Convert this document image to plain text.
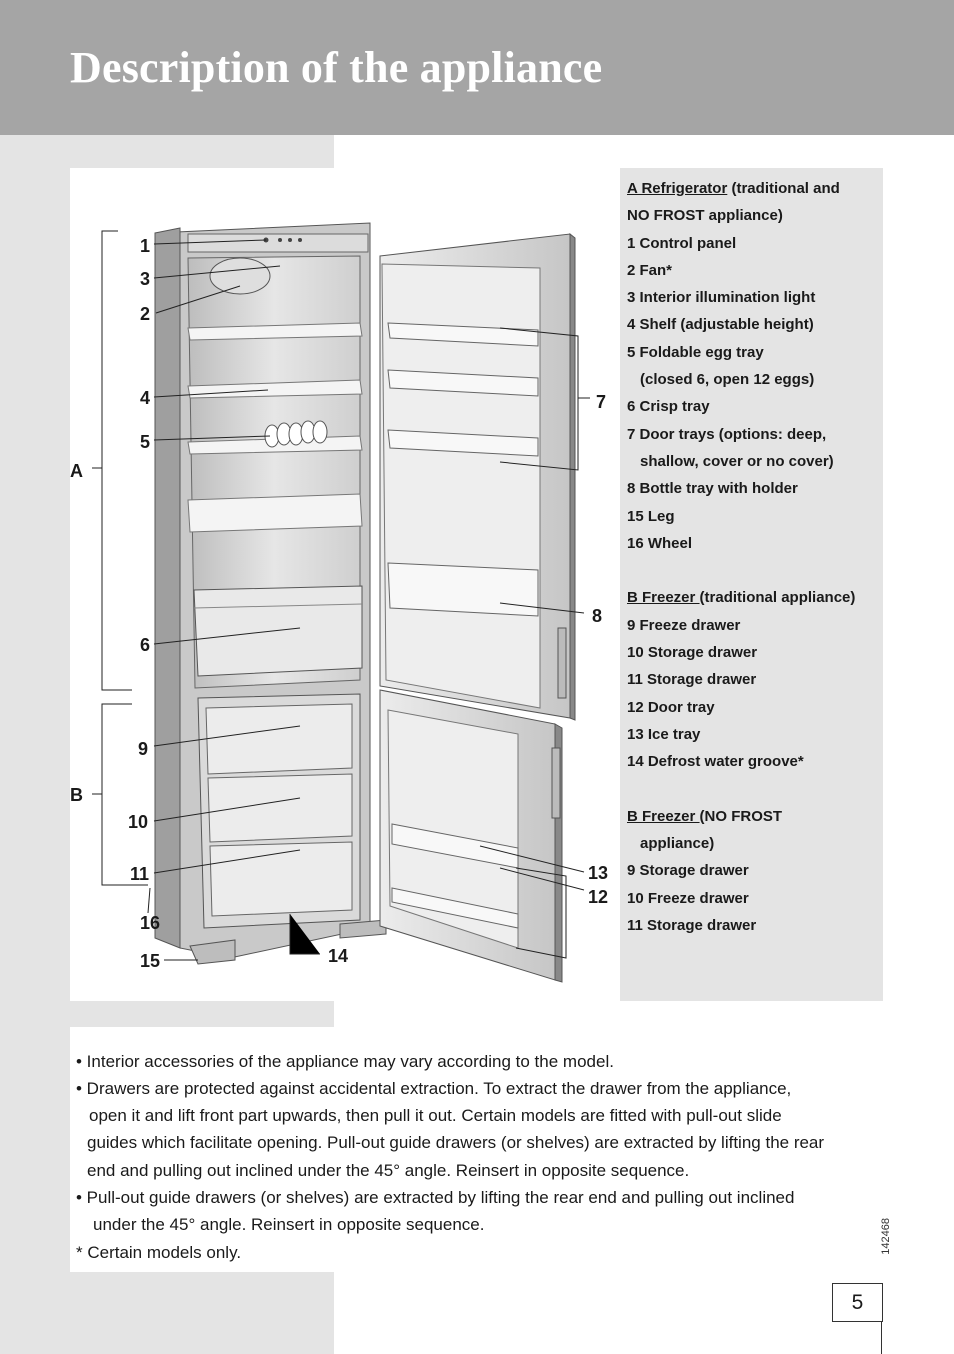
Description of the appliance
A
B
1
3
2
4
5
6
9
10
11
16
15	14
7
8
13
12
A Refrigerator (traditional and
NO FROST appliance)
1 Control panel
2 Fan*
3 Interior illumination light
4 Shelf (adjustable height)
5 Foldable egg tray
(closed 6, open 12 eggs)
6 Crisp tray
7 Door trays (options: deep,
shallow, cover or no cover)
8 Bottle tray with holder
15 Leg
16 Wheel
B Freezer (traditional appliance)
9 Freeze drawer
10 Storage drawer
11 Storage drawer
12 Door tray
13 Ice tray
14 Defrost water groove*
B Freezer (NO FROST
appliance)
9 Storage drawer
10 Freeze drawer
11 Storage drawer
• Interior accessories of the appliance may vary according to the model.
• Drawers are protected against accidental extraction. To extract the drawer from the appliance,
open it and lift front part upwards, then pull it out. Certain models are fitted with pull-out slide
guides which facilitate opening. Pull-out guide drawers (or shelves) are extracted by lifting the rear
end and pulling out inclined under the 45° angle. Reinsert in opposite sequence.
• Pull-out guide drawers (or shelves) are extracted by lifting the rear end and pulling out inclined
under the 45° angle. Reinsert in opposite sequence.
* Certain models only.	142468
5
